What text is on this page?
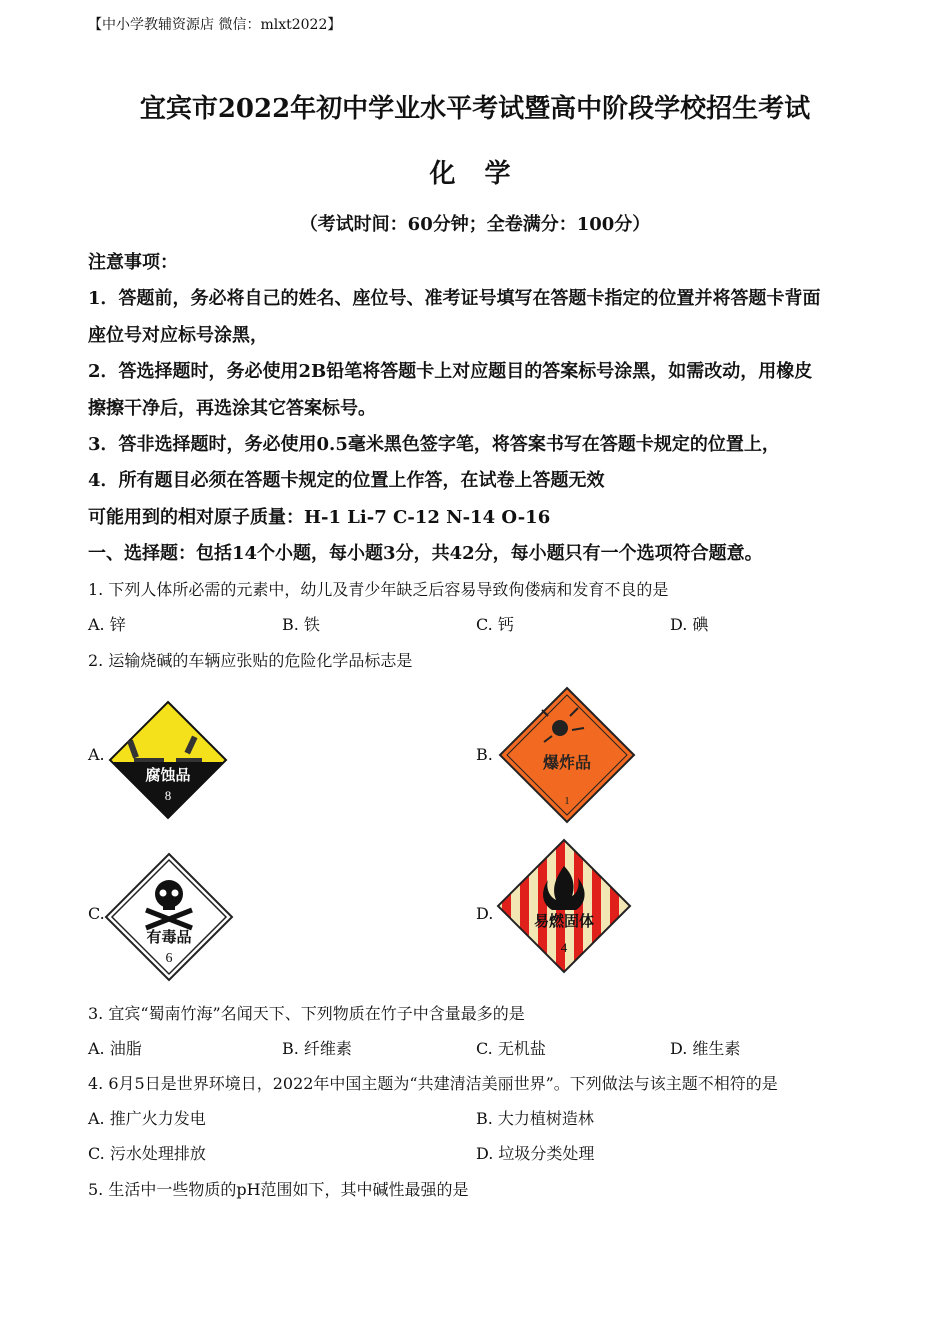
【中小学教辅资源店 微信：mlxt2022】
宜宾市2022年初中学业水平考试暨高中阶段学校招生考试
化 学
（考试时间：60分钟；全卷满分：100分）
注意事项：
1．答题前，务必将自己的姓名、座位号、准考证号填写在答题卡指定的位置并将答题卡背面
座位号对应标号涂黑，
2．答选择题时，务必使用2B铅笔将答题卡上对应题目的答案标号涂黑，如需改动，用橡皮
擦擦干净后，再选涂其它答案标号。
3．答非选择题时，务必使用0.5毫米黑色签字笔，将答案书写在答题卡规定的位置上，
4．所有题目必须在答题卡规定的位置上作答，在试卷上答题无效
可能用到的相对原子质量：H-1 Li-7 C-12 N-14 O-16
一、选择题：包括14个小题，每小题3分，共42分，每小题只有一个选项符合题意。
1. 下列人体所必需的元素中，幼儿及青少年缺乏后容易导致佝偻病和发育不良的是
A. 锌	B. 铁	C. 钙	D. 碘
2. 运输烧碱的车辆应张贴的危险化学品标志是
A.
腐蚀品
8
B.	爆炸品
1
C.
有毒品
6
D.	易燃固体
4
3. 宜宾“蜀南竹海”名闻天下、下列物质在竹子中含量最多的是
A. 油脂	B. 纤维素	C. 无机盐	D. 维生素
4. 6月5日是世界环境日，2022年中国主题为“共建清洁美丽世界”。下列做法与该主题不相符的是
A. 推广火力发电	B. 大力植树造林
C. 污水处理排放	D. 垃圾分类处理
5. 生活中一些物质的pH范围如下，其中碱性最强的是
